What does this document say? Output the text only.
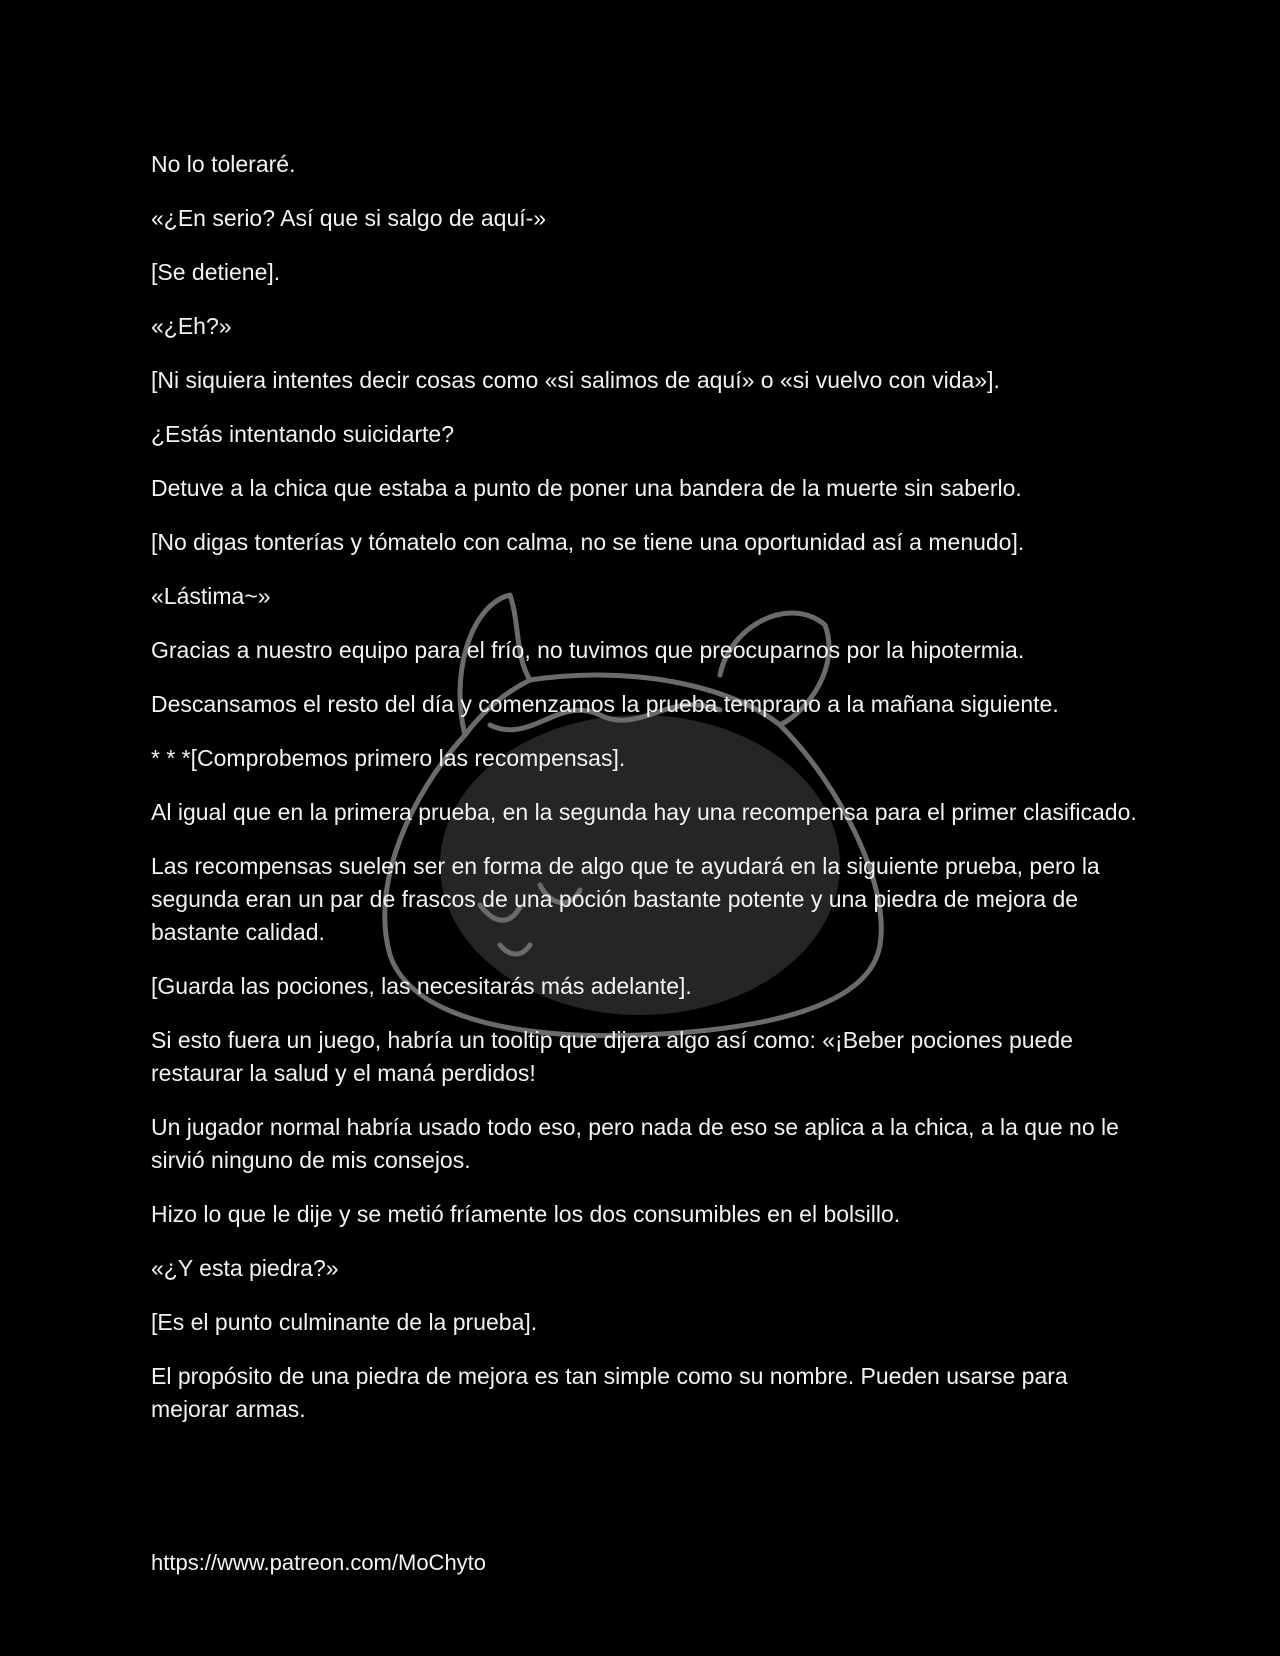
No lo toleraré.

«¿En serio? Así que si salgo de aquí-»

[Se detiene].

«¿Eh?»

[Ni siquiera intentes decir cosas como «si salimos de aquí» o «si vuelvo con vida»].

¿Estás intentando suicidarte?

Detuve a la chica que estaba a punto de poner una bandera de la muerte sin saberlo.

[No digas tonterías y tómatelo con calma, no se tiene una oportunidad así a menudo].

«Lástima~»

Gracias a nuestro equipo para el frío, no tuvimos que preocuparnos por la hipotermia.

Descansamos el resto del día y comenzamos la prueba temprano a la mañana siguiente.

* * *[Comprobemos primero las recompensas].

Al igual que en la primera prueba, en la segunda hay una recompensa para el primer clasificado.

Las recompensas suelen ser en forma de algo que te ayudará en la siguiente prueba, pero la segunda eran un par de frascos de una poción bastante potente y una piedra de mejora de bastante calidad.

[Guarda las pociones, las necesitarás más adelante].

Si esto fuera un juego, habría un tooltip que dijera algo así como: «¡Beber pociones puede restaurar la salud y el maná perdidos!

Un jugador normal habría usado todo eso, pero nada de eso se aplica a la chica, a la que no le sirvió ninguno de mis consejos.

Hizo lo que le dije y se metió fríamente los dos consumibles en el bolsillo.

«¿Y esta piedra?»

[Es el punto culminante de la prueba].

El propósito de una piedra de mejora es tan simple como su nombre. Pueden usarse para mejorar armas.

https://www.patreon.com/MoChyto
